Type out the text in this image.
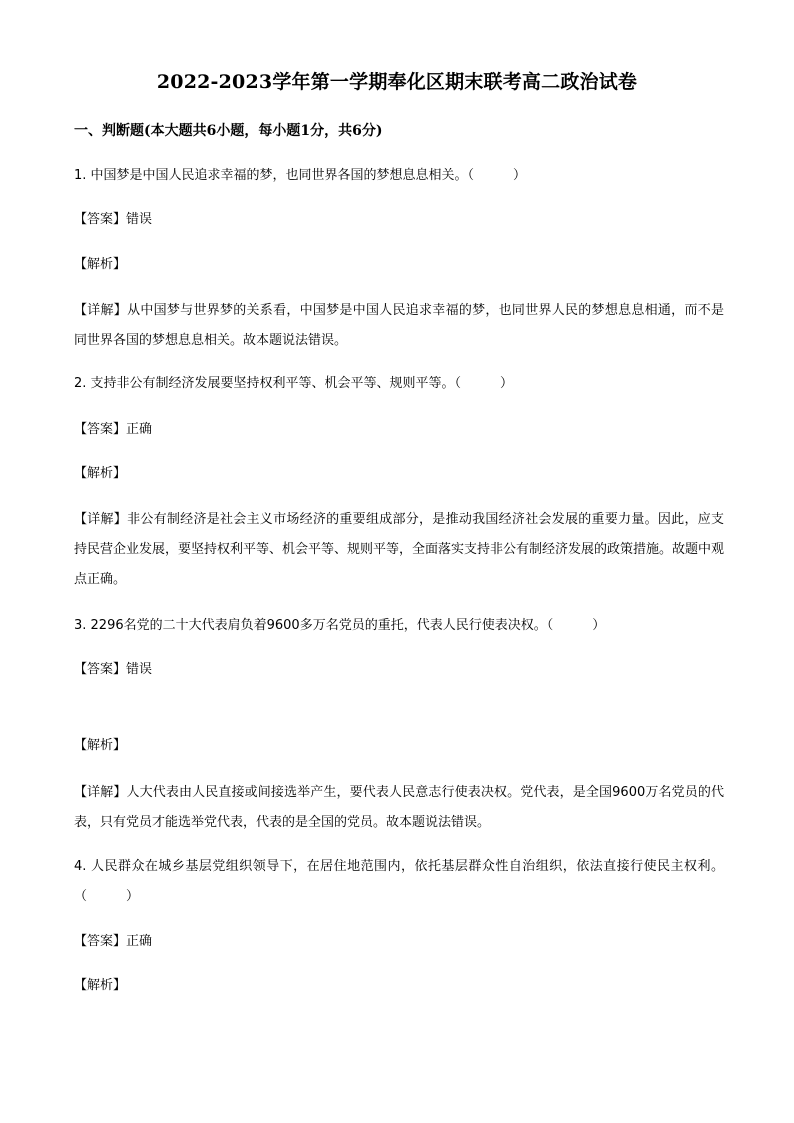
2022-2023学年第一学期奉化区期末联考高二政治试卷
一、判断题(本大题共6小题，每小题1分，共6分)
1. 中国梦是中国人民追求幸福的梦，也同世界各国的梦想息息相关。（　　　）
【答案】错误
【解析】
【详解】从中国梦与世界梦的关系看，中国梦是中国人民追求幸福的梦，也同世界人民的梦想息息相通，而不是同世界各国的梦想息息相关。故本题说法错误。
2. 支持非公有制经济发展要坚持权利平等、机会平等、规则平等。（　　　）
【答案】正确
【解析】
【详解】非公有制经济是社会主义市场经济的重要组成部分，是推动我国经济社会发展的重要力量。因此，应支持民营企业发展，要坚持权利平等、机会平等、规则平等，全面落实支持非公有制经济发展的政策措施。故题中观点正确。
3. 2296名党的二十大代表肩负着9600多万名党员的重托，代表人民行使表决权。（　　　）
【答案】错误
【解析】
【详解】人大代表由人民直接或间接选举产生，要代表人民意志行使表决权。党代表，是全国9600万名党员的代表，只有党员才能选举党代表，代表的是全国的党员。故本题说法错误。
4. 人民群众在城乡基层党组织领导下，在居住地范围内，依托基层群众性自治组织，依法直接行使民主权利。（　　　）
【答案】正确
【解析】
